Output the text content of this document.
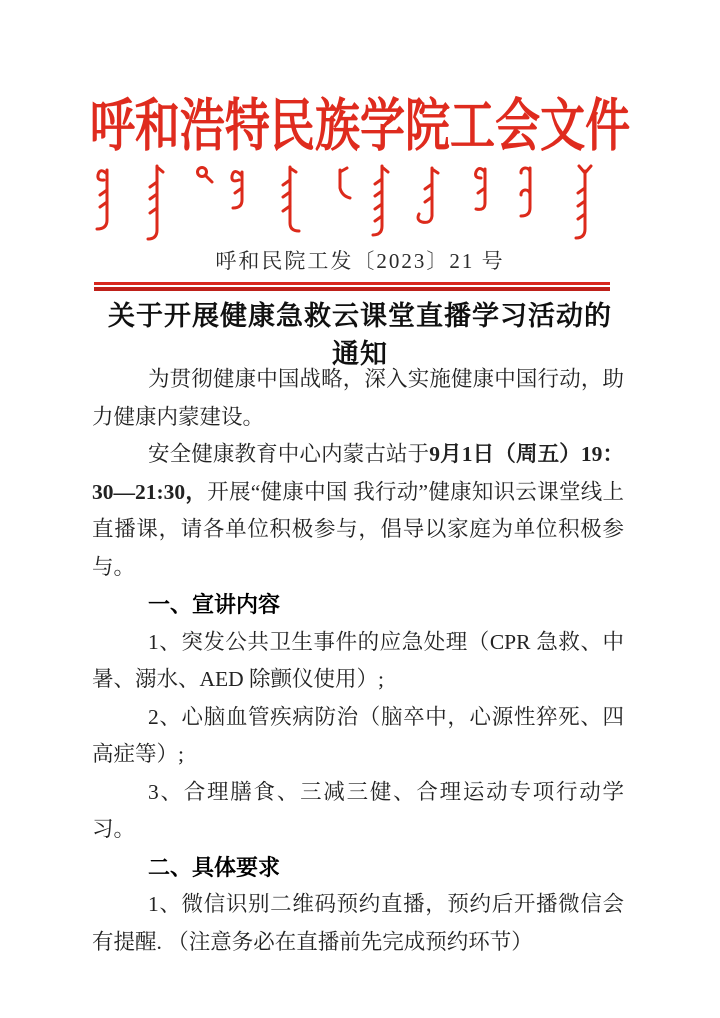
呼和浩特民族学院工会文件
呼和民院工发〔2023〕21 号
关于开展健康急救云课堂直播学习活动的
通知

为贯彻健康中国战略，深入实施健康中国行动，助力健康内蒙建设。

安全健康教育中心内蒙古站于9月1日（周五）19：30—21:30，开展“健康中国 我行动”健康知识云课堂线上直播课，请各单位积极参与，倡导以家庭为单位积极参与。

一、宣讲内容

1、突发公共卫生事件的应急处理（CPR 急救、中暑、溺水、AED 除颤仪使用）;

2、心脑血管疾病防治（脑卒中，心源性猝死、四高症等）;

3、合理膳食、三减三健、合理运动专项行动学习。

二、具体要求

1、微信识别二维码预约直播，预约后开播微信会有提醒. （注意务必在直播前先完成预约环节）
